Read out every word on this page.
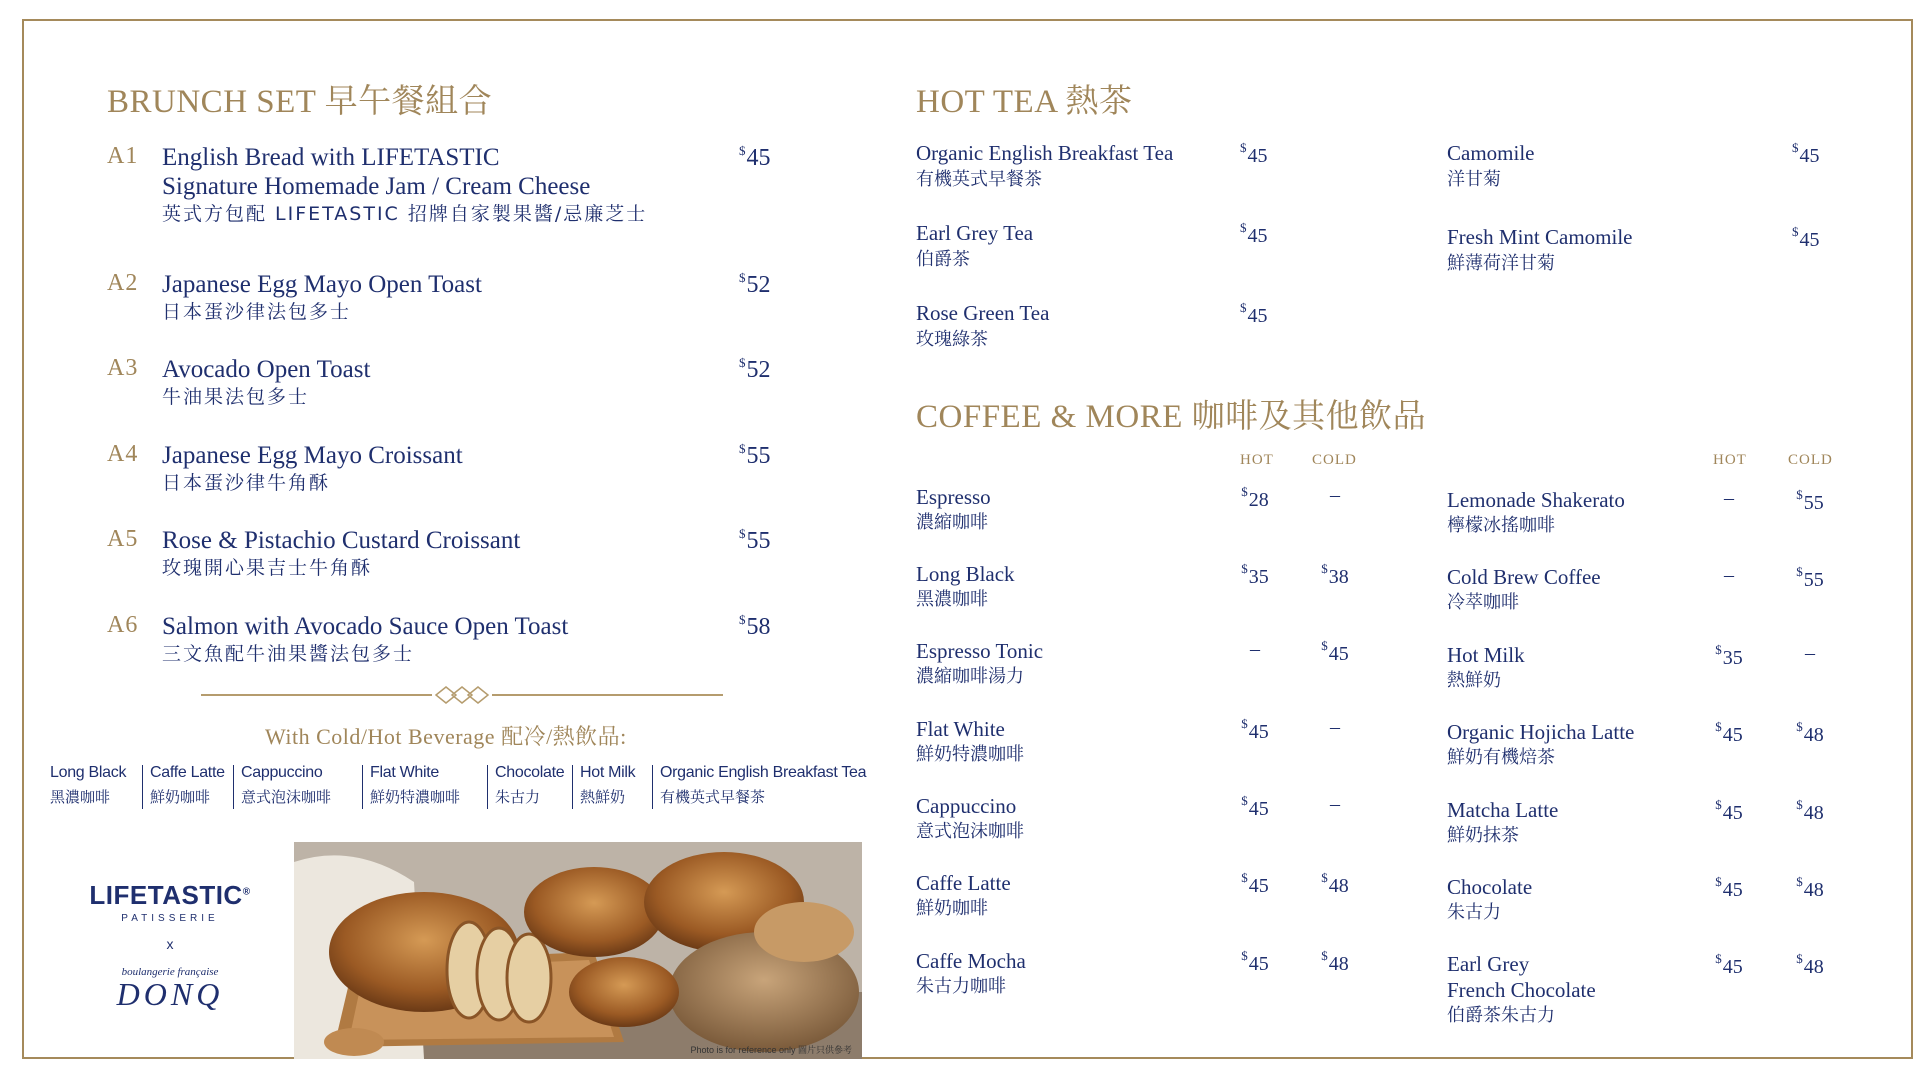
BRUNCH SET 早午餐組合
A1 English Bread with LIFETASTIC
Signature Homemade Jam / Cream Cheese
英式方包配 LIFETASTIC 招牌自家製果醬/忌廉芝士
$45
A2 Japanese Egg Mayo Open Toast
日本蛋沙律法包多士
$52
A3 Avocado Open Toast
牛油果法包多士
$52
A4 Japanese Egg Mayo Croissant
日本蛋沙律牛角酥
$55
A5 Rose & Pistachio Custard Croissant
玫瑰開心果吉士牛角酥
$55
A6 Salmon with Avocado Sauce Open Toast
三文魚配牛油果醬法包多士
$58
With Cold/Hot Beverage 配冷/熱飲品:
Long Black
黑濃咖啡
Caffe Latte
鮮奶咖啡
Cappuccino
意式泡沫咖啡
Flat White
鮮奶特濃咖啡
Chocolate
朱古力
Hot Milk
熱鮮奶
Organic English Breakfast Tea
有機英式早餐茶
LIFETASTIC®
PATISSERIE
x
boulangerie française
DONQ
Photo is for reference only 圖片只供參考
HOT TEA 熱茶
Organic English Breakfast Tea
有機英式早餐茶
$45
Earl Grey Tea
伯爵茶
$45
Rose Green Tea
玫瑰綠茶
$45
Camomile
洋甘菊
$45
Fresh Mint Camomile
鮮薄荷洋甘菊
$45
COFFEE & MORE 咖啡及其他飲品
HOT	COLD	HOT	COLD
Espresso
濃縮咖啡
$28	–
Long Black
黑濃咖啡
$35	$38
Espresso Tonic
濃縮咖啡湯力
–	$45
Flat White
鮮奶特濃咖啡
$45	–
Cappuccino
意式泡沫咖啡
$45	–
Caffe Latte
鮮奶咖啡
$45	$48
Caffe Mocha
朱古力咖啡
$45	$48
Lemonade Shakerato
檸檬冰搖咖啡
–	$55
Cold Brew Coffee
冷萃咖啡
–	$55
Hot Milk
熱鮮奶
$35	–
Organic Hojicha Latte
鮮奶有機焙茶
$45	$48
Matcha Latte
鮮奶抹茶
$45	$48
Chocolate
朱古力
$45	$48
Earl Grey
French Chocolate
伯爵茶朱古力
$45	$48
